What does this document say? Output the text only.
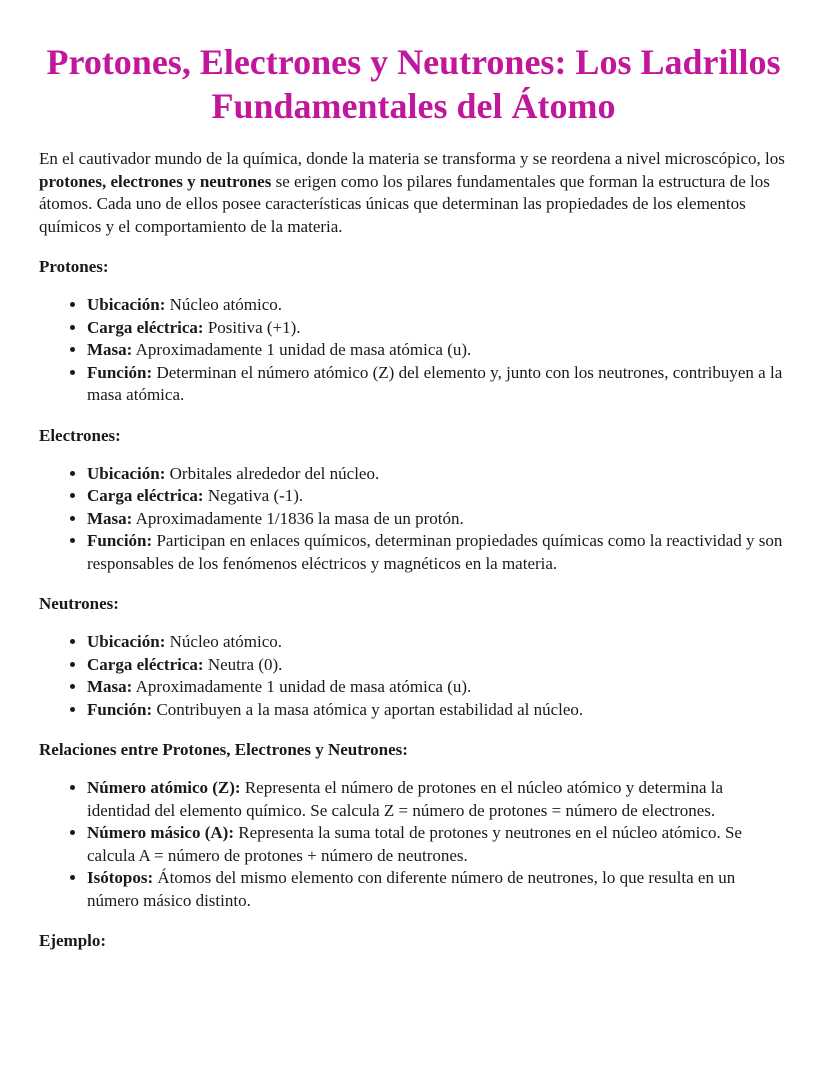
Protones, Electrones y Neutrones: Los Ladrillos Fundamentales del Átomo

En el cautivador mundo de la química, donde la materia se transforma y se reordena a nivel microscópico, los protones, electrones y neutrones se erigen como los pilares fundamentales que forman la estructura de los átomos. Cada uno de ellos posee características únicas que determinan las propiedades de los elementos químicos y el comportamiento de la materia.

Protones:

• Ubicación: Núcleo atómico.
• Carga eléctrica: Positiva (+1).
• Masa: Aproximadamente 1 unidad de masa atómica (u).
• Función: Determinan el número atómico (Z) del elemento y, junto con los neutrones, contribuyen a la masa atómica.

Electrones:

• Ubicación: Orbitales alrededor del núcleo.
• Carga eléctrica: Negativa (-1).
• Masa: Aproximadamente 1/1836 la masa de un protón.
• Función: Participan en enlaces químicos, determinan propiedades químicas como la reactividad y son responsables de los fenómenos eléctricos y magnéticos en la materia.

Neutrones:

• Ubicación: Núcleo atómico.
• Carga eléctrica: Neutra (0).
• Masa: Aproximadamente 1 unidad de masa atómica (u).
• Función: Contribuyen a la masa atómica y aportan estabilidad al núcleo.

Relaciones entre Protones, Electrones y Neutrones:

• Número atómico (Z): Representa el número de protones en el núcleo atómico y determina la identidad del elemento químico. Se calcula Z = número de protones = número de electrones.
• Número másico (A): Representa la suma total de protones y neutrones en el núcleo atómico. Se calcula A = número de protones + número de neutrones.
• Isótopos: Átomos del mismo elemento con diferente número de neutrones, lo que resulta en un número másico distinto.

Ejemplo:
